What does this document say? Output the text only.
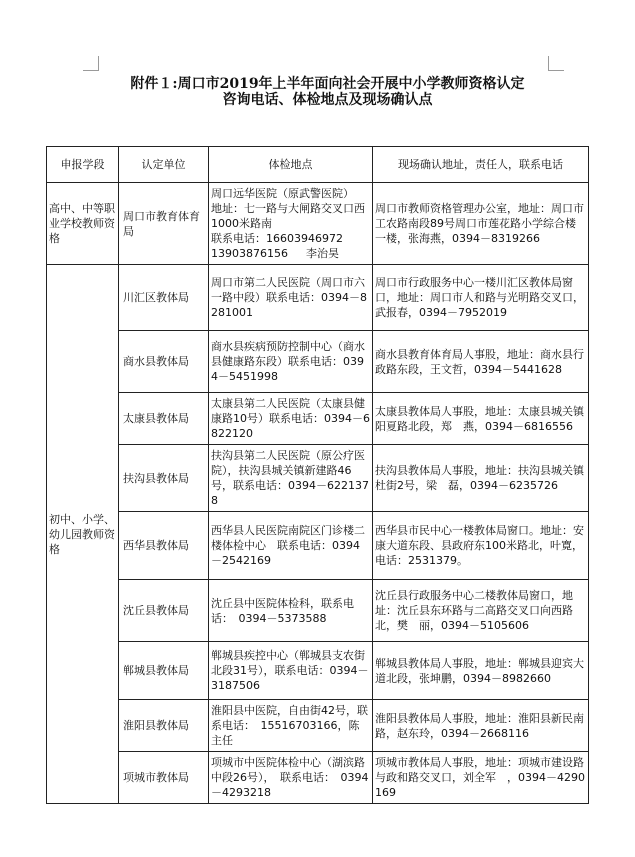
附件１:周口市2019年上半年面向社会开展中小学教师资格认定
咨询电话、体检地点及现场确认点
申报学段	认定单位	体检地点	现场确认地址，责任人，联系电话
高中、中等职业学校教师资格	周口市教育体育局	周口远华医院（原武警医院）
地址：七一路与大闸路交叉口西1000米路南
联系电话：16603946972
13903876156 李治昊	周口市教师资格管理办公室，地址：周口市工农路南段89号周口市莲花路小学综合楼一楼，张海燕，0394－8319266
初中、小学、幼儿园教师资格	川汇区教体局	周口市第二人民医院（周口市六一路中段）联系电话：0394－8281001	周口市行政服务中心一楼川汇区教体局窗口，地址：周口市人和路与光明路交叉口，武报春，0394－7952019
	商水县教体局	商水县疾病预防控制中心（商水县健康路东段）联系电话：0394－5451998	商水县教育体育局人事股，地址：商水县行政路东段，王文哲，0394－5441628
	太康县教体局	太康县第二人民医院（太康县健康路10号）联系电话：0394－6822120	太康县教体局人事股，地址：太康县城关镇阳夏路北段，郑　燕，0394－6816556
	扶沟县教体局	扶沟县第二人民医院（原公疗医院），扶沟县城关镇新建路46号，联系电话：0394－6221378	扶沟县教体局人事股，地址：扶沟县城关镇杜街2号，梁　磊，0394－6235726
	西华县教体局	西华县人民医院南院区门诊楼二楼体检中心　联系电话：0394－2542169	西华县市民中心一楼教体局窗口。地址：安康大道东段、县政府东100米路北，叶寛，电话：2531379。
	沈丘县教体局	沈丘县中医院体检科，联系电话：　0394－5373588	沈丘县行政服务中心二楼教体局窗口，地址：沈丘县东环路与二高路交叉口向西路北，樊　丽，0394－5105606
	郸城县教体局	郸城县疾控中心（郸城县支农街北段31号），联系电话：0394－3187506	郸城县教体局人事股，地址：郸城县迎宾大道北段，张坤鹏，0394－8982660
	淮阳县教体局	淮阳县中医院，自由街42号，联系电话：　15516703166，陈主任	淮阳县教体局人事股，地址：淮阳县新民南路，赵东玲，0394－2668116
	项城市教体局	项城市中医院体检中心（湖滨路中段26号），　联系电话：　0394－4293218	项城市教体局人事股，地址：项城市建设路与政和路交叉口，刘全军　，0394－4290169
